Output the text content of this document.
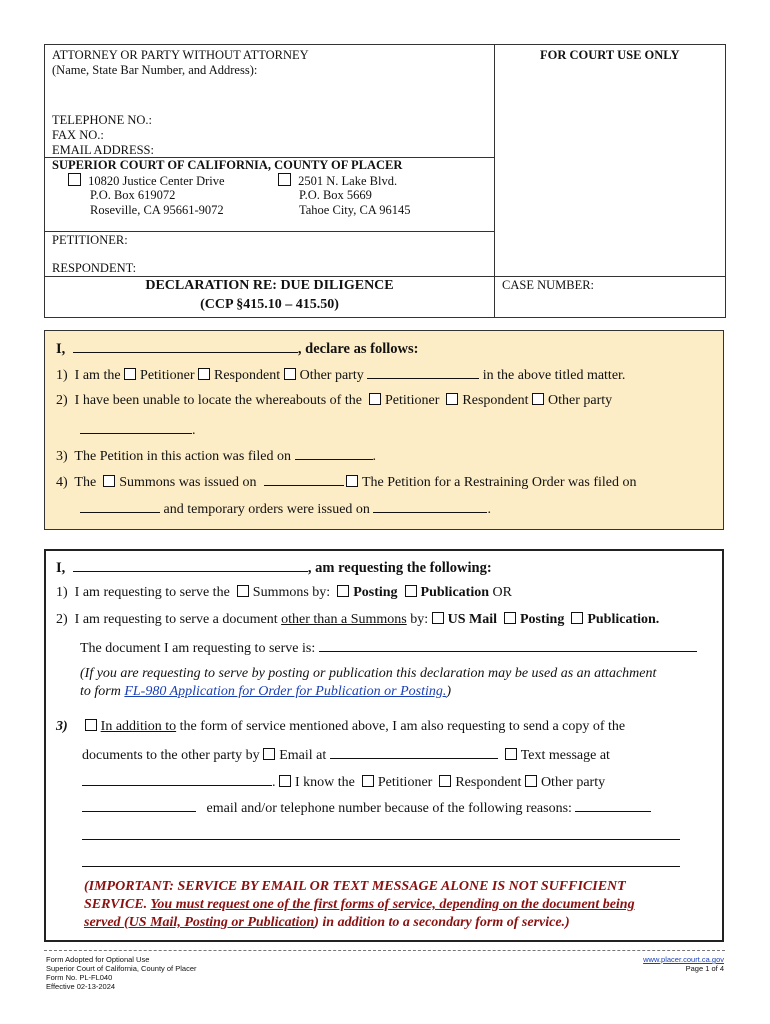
ATTORNEY OR PARTY WITHOUT ATTORNEY
(Name, State Bar Number, and Address):
FOR COURT USE ONLY
TELEPHONE NO.:
FAX NO.:
EMAIL ADDRESS:
SUPERIOR COURT OF CALIFORNIA, COUNTY OF PLACER
10820 Justice Center Drive
P.O. Box 619072
Roseville, CA 95661-9072
2501 N. Lake Blvd.
P.O. Box 5669
Tahoe City, CA 96145
PETITIONER:
RESPONDENT:
DECLARATION RE: DUE DILIGENCE
(CCP §415.10 – 415.50)
CASE NUMBER:
I,	, declare as follows:
1) I am the Petitioner Respondent Other party	in the above titled matter.
2) I have been unable to locate the whereabouts of the Petitioner Respondent Other party
.
3) The Petition in this action was filed on	.
4) The Summons was issued on	The Petition for a Restraining Order was filed on
and temporary orders were issued on	.
I,	, am requesting the following:
1) I am requesting to serve the Summons by: Posting Publication OR
2) I am requesting to serve a document other than a Summons by: US Mail Posting Publication.
The document I am requesting to serve is:
(If you are requesting to serve by posting or publication this declaration may be used as an attachment
to form FL-980 Application for Order for Publication or Posting.)
3) In addition to the form of service mentioned above, I am also requesting to send a copy of the
documents to the other party by Email at	Text message at
. I know the Petitioner Respondent Other party
email and/or telephone number because of the following reasons:
(IMPORTANT: SERVICE BY EMAIL OR TEXT MESSAGE ALONE IS NOT SUFFICIENT
SERVICE. You must request one of the first forms of service, depending on the document being
served (US Mail, Posting or Publication) in addition to a secondary form of service.)
Form Adopted for Optional Use
Superior Court of California, County of Placer
Form No. PL-FL040
Effective 02-13-2024
www.placer.court.ca.gov
Page 1 of 4
